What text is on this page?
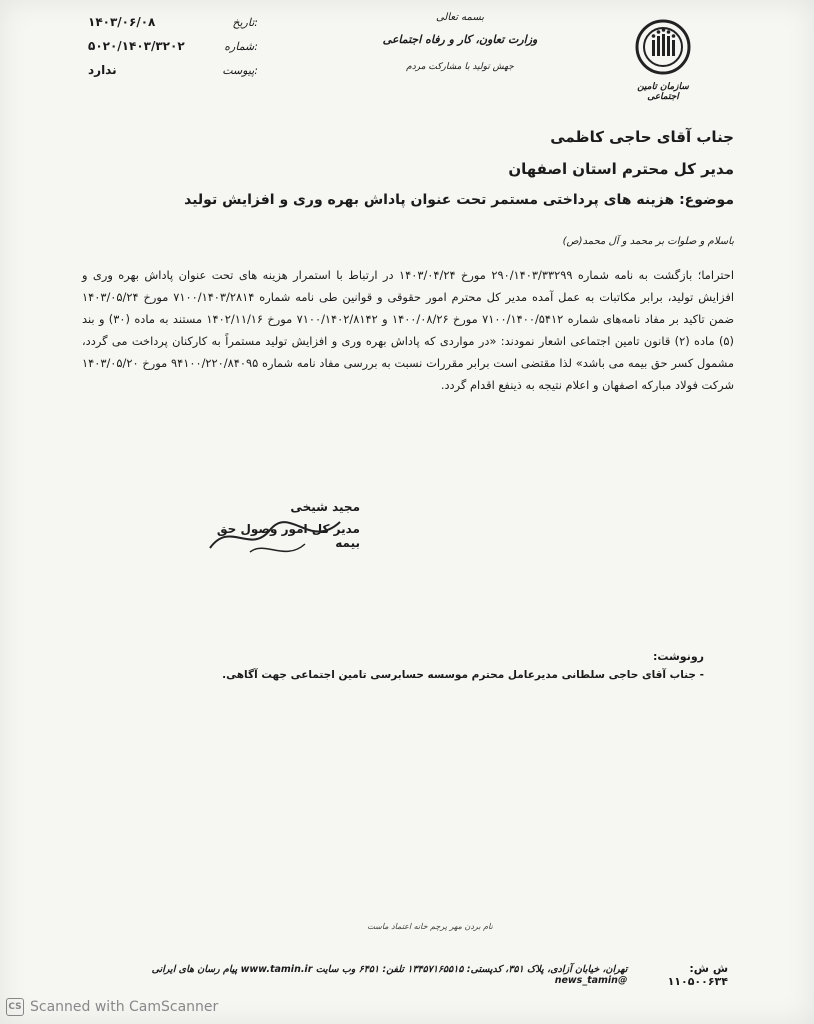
۱۴۰۳/۰۶/۰۸	تاریخ:
۵۰۲۰/۱۴۰۳/۳۲۰۲	شماره:
ندارد	پیوست:
بسمه تعالی
وزارت تعاون، کار و رفاه اجتماعی
جهش تولید با مشارکت مردم
سازمان تامین اجتماعی
جناب آقای حاجی کاظمی
مدیر کل محترم استان اصفهان
موضوع: هزینه های پرداختی مستمر تحت عنوان پاداش بهره وری و افزایش تولید
باسلام و صلوات بر محمد و آل محمد(ص)

احتراما؛ بازگشت به نامه شماره ۲۹۰/۱۴۰۳/۳۳۲۹۹ مورخ ۱۴۰۳/۰۴/۲۴ در ارتباط با استمرار هزینه های تحت عنوان پاداش بهره وری و افزایش تولید، برابر مکاتبات به عمل آمده مدیر کل محترم امور حقوقی و قوانین طی نامه شماره ۷۱۰۰/۱۴۰۳/۲۸۱۴ مورخ ۱۴۰۳/۰۵/۲۴ ضمن تاکید بر مفاد نامه‌های شماره ۷۱۰۰/۱۴۰۰/۵۴۱۲ مورخ ۱۴۰۰/۰۸/۲۶ و ۷۱۰۰/۱۴۰۲/۸۱۴۲ مورخ ۱۴۰۲/۱۱/۱۶ مستند به ماده (۳۰) و بند (۵) ماده (۲) قانون تامین اجتماعی اشعار نمودند: «در مواردی که پاداش بهره وری و افزایش تولید مستمراً به کارکنان پرداخت می گردد، مشمول کسر حق بیمه می باشد» لذا مقتضی است برابر مقررات نسبت به بررسی مفاد نامه شماره ۹۴۱۰۰/۲۲۰/۸۴۰۹۵ مورخ ۱۴۰۳/۰۵/۲۰ شرکت فولاد مبارکه اصفهان و اعلام نتیجه به ذینفع اقدام گردد.

مجید شیخی
مدیر کل امور وصول حق بیمه
رونوشت:
- جناب آقای حاجی سلطانی مدیرعامل محترم موسسه حسابرسی تامین اجتماعی جهت آگاهی.
نام بردن مهر پرچم خانه اعتماد ماست
تهران، خیابان آزادی، پلاک ۳۵۱، کدپستی: ۱۳۴۵۷۱۶۵۵۱۵ تلفن: ۶۴۵۱ وب سایت www.tamin.ir پیام رسان های ایرانی @news_tamin
ش ش: ۱۱۰۵۰۰۶۳۴
CS Scanned with CamScanner
